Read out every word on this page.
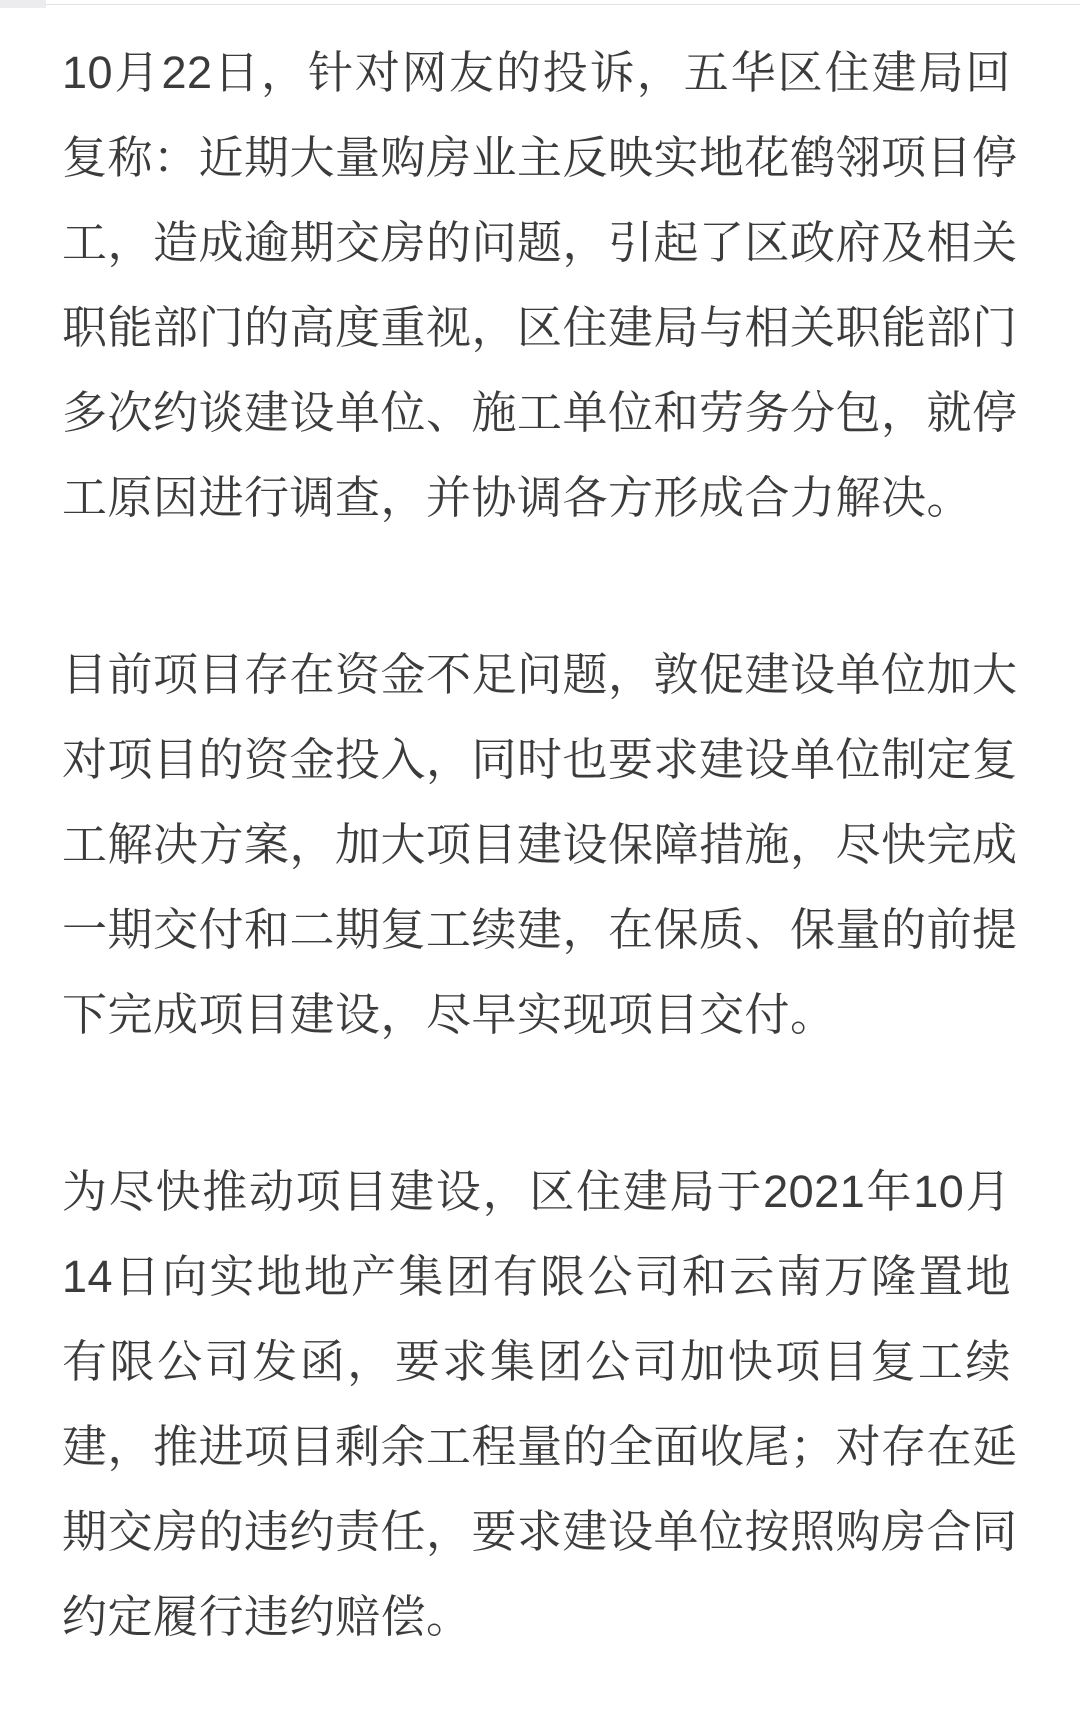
10月22日，针对网友的投诉，五华区住建局回
复称：近期大量购房业主反映实地花鹤翎项目停
工，造成逾期交房的问题，引起了区政府及相关
职能部门的高度重视，区住建局与相关职能部门
多次约谈建设单位、施工单位和劳务分包，就停
工原因进行调查，并协调各方形成合力解决。
目前项目存在资金不足问题，敦促建设单位加大
对项目的资金投入，同时也要求建设单位制定复
工解决方案，加大项目建设保障措施，尽快完成
一期交付和二期复工续建，在保质、保量的前提
下完成项目建设，尽早实现项目交付。
为尽快推动项目建设，区住建局于2021年10月
14日向实地地产集团有限公司和云南万隆置地
有限公司发函，要求集团公司加快项目复工续
建，推进项目剩余工程量的全面收尾；对存在延
期交房的违约责任，要求建设单位按照购房合同
约定履行违约赔偿。
